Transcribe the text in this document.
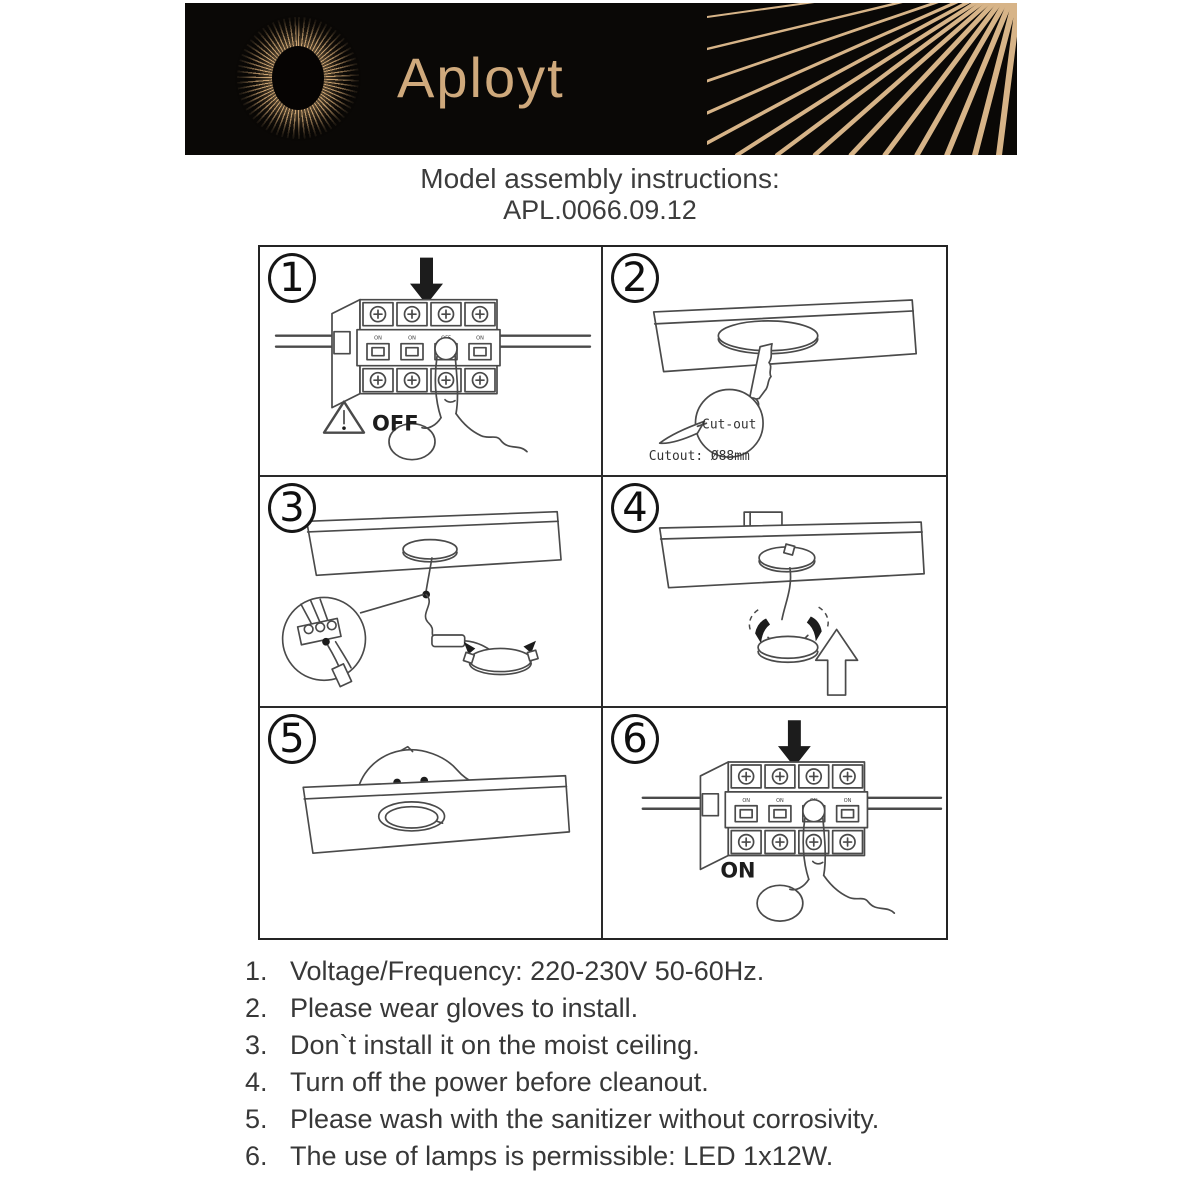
Aployt
Model assembly instructions:
APL.0066.09.12
1
ON	ON	ON
OFF
2
Cut-out
Cutout: Ø88mm
3	4
5	6
ON	ON	ON
ON
1. Voltage/Frequency: 220-230V 50-60Hz.
2. Please wear gloves to install.
3. Don`t install it on the moist ceiling.
4. Turn off the power before cleanout.
5. Please wash with the sanitizer without corrosivity.
6. The use of lamps is permissible: LED 1x12W.
